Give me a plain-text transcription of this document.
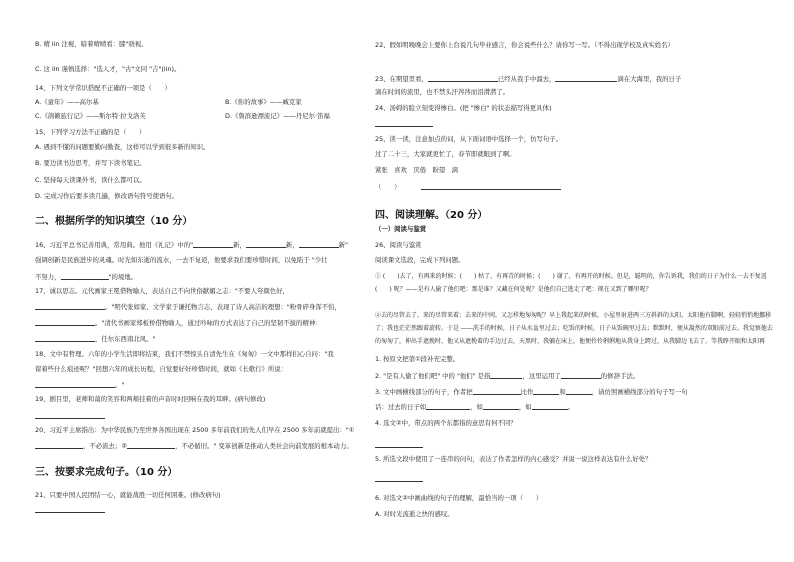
B. 晴 lin 注視，暗着晴晴看：膝"晓视。
C. 这 lin 谨慎选择："选人才，"古"文同 "吉"(lin)。
14、下列文学常识搭配不正确的一项是（　　）
A.《童年》——高尔基	B.《你的故事》——臧克家
C.《鸽籁旅行记》——斯尔特·拉戈洛芙	D.《鲁滨逊漂流记》——丹尼尔·笛福
15、下列学习方法不正确的是（　　）
A. 遇到不懂的问题要勤问勤查，这样可以学到很多新的知识。
B. 要边读书边思考，并写下读书笔记。
C. 坚持每天读课外书，读什么都可以。
D. 完成习作后要多读几遍，修改语句符号使语句。
二、根据所学的知识填空（10 分）
16、习近平总书记善用典，常用典。他用《礼记》中的"	新，	新，	新"
强调创新是民族进步的灵魂。时光如东逝的流水，一去不复返，他要求我们要珍惜时间，以免陷于 "少壮
不努力，	"的境地。
17、诚以思志。元代画家王冕借物喻人，表达自己不向世俗献媚之志："不要人夸颜色好，
。"明代张如家、文学家于谦托物言志，表现了诗人高洁的理想："粉骨碎身浑不怕，
。"清代书画家郑板桥借物喻人，通过吟咏的方式表达了自己的坚韧不拔的精神：
，任尔东西南北风。"
18、文中有哲理。六年的小学生活即将结束，我们不禁惊头自清先生在《匆匆》一文中那样扪心自问："我
留着些什么痕迹呢？"回想六年的成长历程，自觉要好好珍惜时间，就如《长歌行》所说：
。"
19、剧目里，老师和蔼的笑容和两颊挂着的声音时时回响在我的耳畔。(病句修改)
20、习近平主席指出：为中华民族乃至世界各国出现在 2500 多年前我们的先人们早在 2500 多年前就提出："①
，不必流去；②	，不必循旧。" 变革创新是推动人类社会向前发展的根本动力。
三、按要求完成句子。（10 分）
21、只要中国人民团结一心，就能战胜一切任何困难。(修改病句)
22、假如明晚晚会上要你上台说几句毕业感言，你会说些什么？请你写一写。（不得出现学校及真实姓名）
23、在期望里看，	已经从我手中溜去，	滴在大海里，我的日子
滴在时间的流里，也不禁头汗涔涔而泪潸潸了。
24、汤姆的脸立刻变得惨白。(把 "惨白" 的状态描写得更具体)
25、读一读，注意加点的词，从下面词语中选择一个，仿写句子。
过了二十三，大家就更忙了，春节即就眼到了啊。
紧张　喜欢　厌倦　盼望　滴
（　　）
四、阅读理解。（20 分）
（一）阅读与鉴赏
26、阅读与鉴赏
阅读课文选段，完成下列问题。
① (　　)去了，有再来的时候；(　　) 枯了，有再青的时候；(　　) 谢了，有再开的时候。但是，聪明的，你告诉我，我们的日子为什么一去不复返 (　　) 呢？——是有人偷了他们吧：那是谁？又藏在何处呢？是他们自己逃走了吧：现在又到了哪里呢？
②去的尽管去了，来的尽管来着；去来的中间，又怎样地匆匆呢？早上我起来的时候，小屋里射进两三方斜斜的太阳。太阳他有脚啊，轻轻悄悄地挪移了；我也茫茫然跟着旋转。于是 ——洗手的时候，日子从水盆里过去；吃饭的时候，日子从饭碗里过去；默默时，便从凝然的双眼前过去。我觉察他去的匆匆了，伸出手遮挽时，他又从遮挽着的手边过去，天黑时，我躺在床上，他便伶伶俐俐地从我身上跨过，从我脚边飞去了。等我睁开眼和太阳再
1. 按原文把第①段补充完整。
2. "是有人偷了他们吧" 中的 "他们" 是指	，这里运用了	的修辞手法。
3. 文中画横线部分的句子，作者把	比作	和	，请仿照画横线部分的句子写一句
话：过去的日子如	，如	，如	。
4. 选文②中，带点的两个东都指的意思有何不同？
5. 所选文段中使用了一连串的问句，表达了作者怎样的内心感受？并说一说这样表达有什么好处？
6. 对选文②中画曲线的句子的理解，最恰当的一项（　　）
A. 对时光流逝之快的感叹。
